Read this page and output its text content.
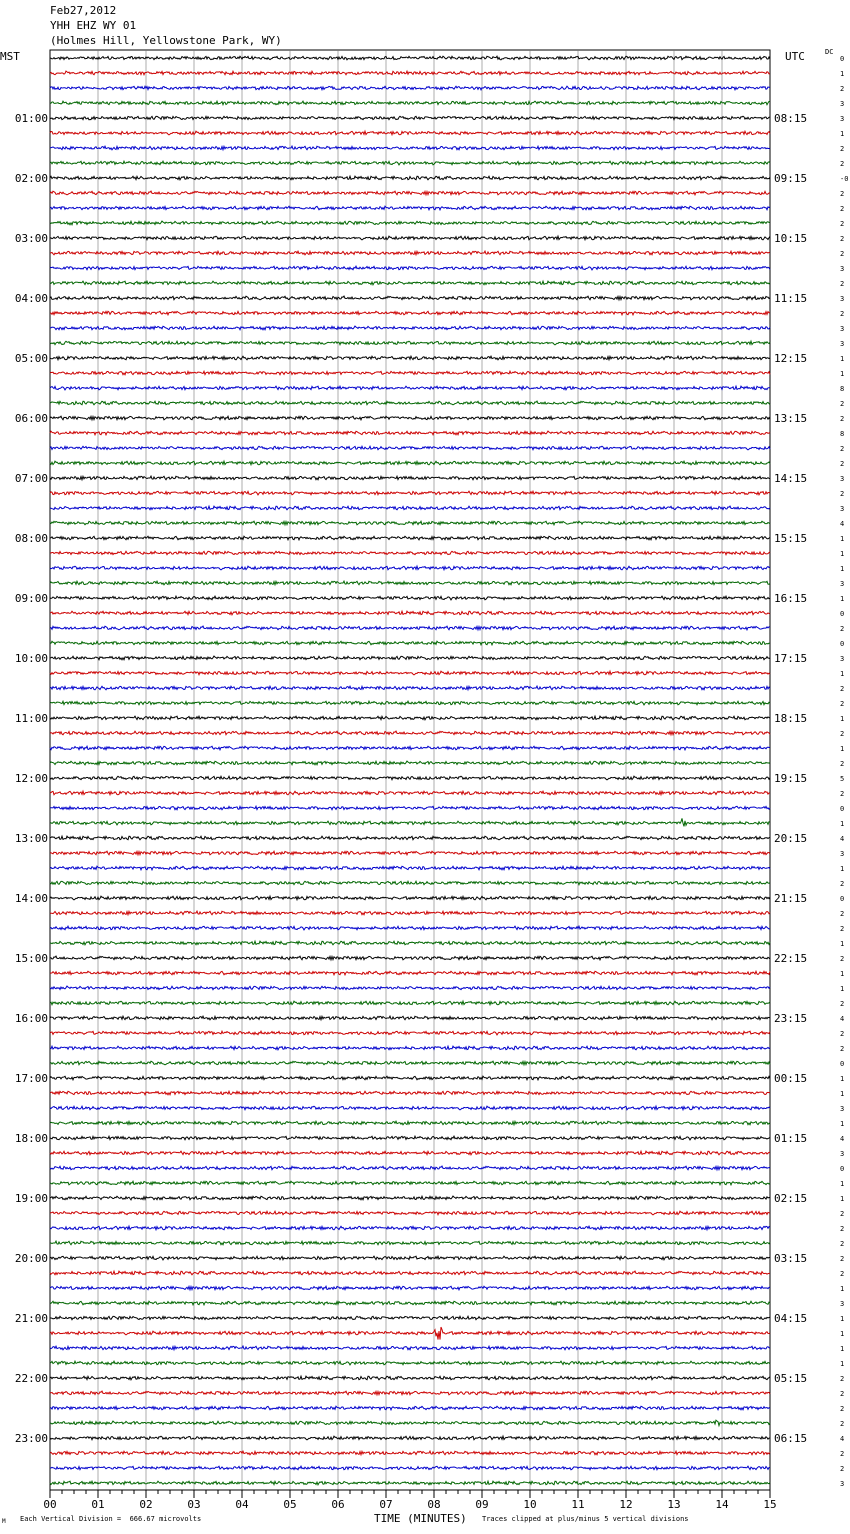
Feb27,2012
YHH EHZ WY 01
(Holmes Hill, Yellowstone Park, WY)
MST	UTC	DC
0
1
2
3
3
1
2
2
-0
2
2
2
2
2
3
2
3
2
3
3
1
1
8
2
2
8
2
2
3
2
3
4
1
1
1
3
1
0
2
0
3
1
2
2
1
2
1
2
5
2
0
1
4
3
1
2
0
2
2
1
2
1
1
2
4
2
2
0
1
1
3
1
4
3
0
1
1
2
2
2
2
2
1
3
1
1
1
1
2
2
2
2
4
2
2
3
01:00	08:15
02:00	09:15
03:00	10:15
04:00	11:15
05:00	12:15
06:00	13:15
07:00	14:15
08:00	15:15
09:00	16:15
10:00	17:15
11:00	18:15
12:00	19:15
13:00	20:15
14:00	21:15
15:00	22:15
16:00	23:15
17:00	00:15
18:00	01:15
19:00	02:15
20:00	03:15
21:00	04:15
22:00	05:15
23:00	06:15
00	01	02	03	04	05	06	07	08	09	10	11	12	13	14	15
M Each Vertical Division =  666.67 microvolts	TIME (MINUTES) Traces clipped at plus/minus 5 vertical divisions
